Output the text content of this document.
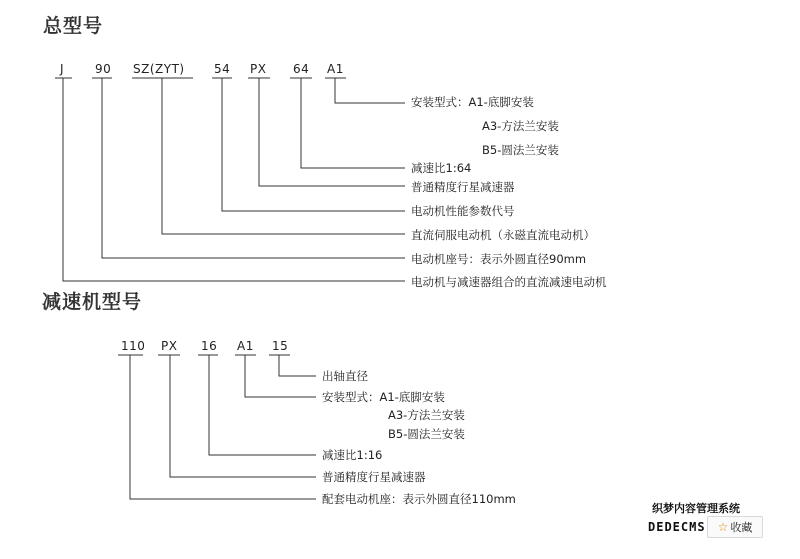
总型号
J	90 SZ(ZYT) 54 PX 64 A1
安装型式：A1-底脚安装
A3-方法兰安装
B5-圆法兰安装
减速比1:64
普通精度行星减速器
电动机性能参数代号
直流伺服电动机（永磁直流电动机）
电动机座号：表示外圆直径90mm
电动机与减速器组合的直流减速电动机
减速机型号
110 PX 16 A1 15
出轴直径
安装型式：A1-底脚安装
A3-方法兰安装
B5-圆法兰安装
减速比1:16
普通精度行星减速器
配套电动机座：表示外圆直径110mm
织梦内容管理系统
DEDECMS ☆ 收藏
